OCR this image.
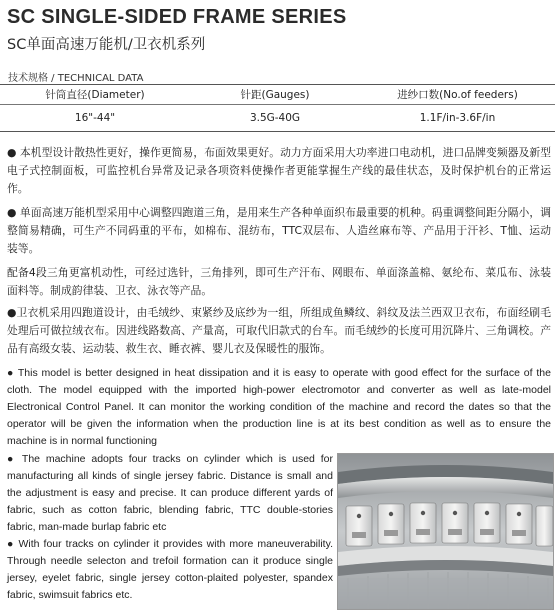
SC SINGLE-SIDED FRAME SERIES
SC单面高速万能机/卫衣机系列
技术规格 / TECHNICAL DATA
针筒直径(Diameter)	针距(Gauges)	进纱口数(No.of feeders)
16"-44"	3.5G-40G	1.1F/in-3.6F/in

● 本机型设计散热性更好，操作更简易，布面效果更好。动力方面采用大功率进口电动机，进口品牌变频器及新型电子式控制面板，可监控机台异常及记录各项资料使操作者更能掌握生产线的最佳状态，及时保护机台的正常运作。

● 单面高速万能机型采用中心调整四跑道三角，是用来生产各种单面织布最重要的机种。码重调整间距分隔小，调整简易精确，可生产不同码重的平布，如棉布、混纺布，TTC双层布、人造丝麻布等、产品用于汗衫、T恤、运动装等。

配备4段三角更富机动性，可经过选针，三角排列，即可生产汗布、网眼布、单面涤盖棉、氨纶布、菜瓜布、泳装面料等。制成韵律装、卫衣、泳衣等产品。

●卫衣机采用四跑道设计，由毛绒纱、束紧纱及底纱为一组，所组成鱼鳞纹、斜纹及法兰西双卫衣布，布面经刷毛处理后可做拉绒衣布。因进线路数高、产量高，可取代旧款式的台车。而毛绒纱的长度可用沉降片、三角调校。产品有高级女装、运动装、救生衣、睡衣裤、婴儿衣及保暖性的服饰。

● This model is better designed in heat dissipation and it is easy to operate with good effect for the surface of the cloth. The model equipped with the imported high-power electromotor and converter as well as late-model Electronical Control Panel. It can monitor the working condition of the machine and record the dates so that the operator will be given the information when the production line is at its best condition as well as to ensure the machine is in normal functioning

● The machine adopts four tracks on cylinder which is used for manufacturing all kinds of single jersey fabric. Distance is small and the adjustment is easy and precise. It can produce different yards of fabric, such as cotton fabric, blending fabric, TTC double-stories fabric, man-made burlap fabric etc

● With four tracks on cylinder it provides with more maneuverability. Through needle selecton and trefoil formation can it produce single jersey, eyelet fabric, single jersey cotton-plaited polyester, spandex fabric, swimsuit fabrics etc.
